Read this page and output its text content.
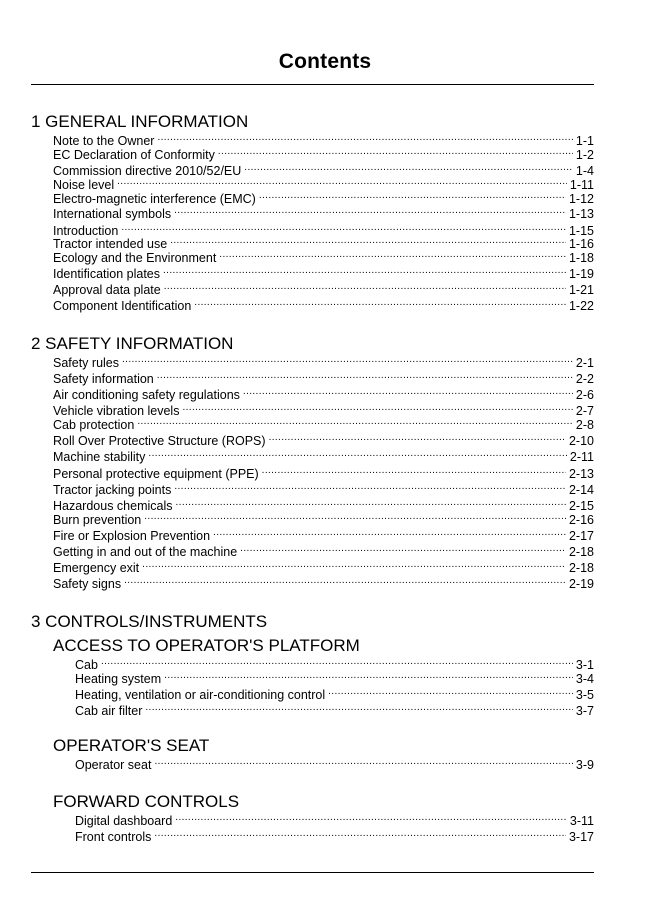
Contents
1 GENERAL INFORMATION
Note to the Owner . . .	1-1
EC Declaration of Conformity . . .	1-2
Commission directive 2010/52/EU . . .	1-4
Noise level . . .	1-11
Electro-magnetic interference (EMC) . . .	1-12
International symbols . . .	1-13
Introduction . . .	1-15
Tractor intended use . . .	1-16
Ecology and the Environment . . .	1-18
Identification plates . . .	1-19
Approval data plate . . .	1-21
Component Identification . . .	1-22
2 SAFETY INFORMATION
Safety rules . . .	2-1
Safety information . . .	2-2
Air conditioning safety regulations . . .	2-6
Vehicle vibration levels . . .	2-7
Cab protection . . .	2-8
Roll Over Protective Structure (ROPS) . . .	2-10
Machine stability . . .	2-11
Personal protective equipment (PPE) . . .	2-13
Tractor jacking points . . .	2-14
Hazardous chemicals . . .	2-15
Burn prevention . . .	2-16
Fire or Explosion Prevention . . .	2-17
Getting in and out of the machine . . .	2-18
Emergency exit . . .	2-18
Safety signs . . .	2-19
3 CONTROLS/INSTRUMENTS
ACCESS TO OPERATOR'S PLATFORM
Cab . . .	3-1
Heating system . . .	3-4
Heating, ventilation or air-conditioning control . . .	3-5
Cab air filter . . .	3-7
OPERATOR'S SEAT
Operator seat . . .	3-9
FORWARD CONTROLS
Digital dashboard . . .	3-11
Front controls . . .	3-17
